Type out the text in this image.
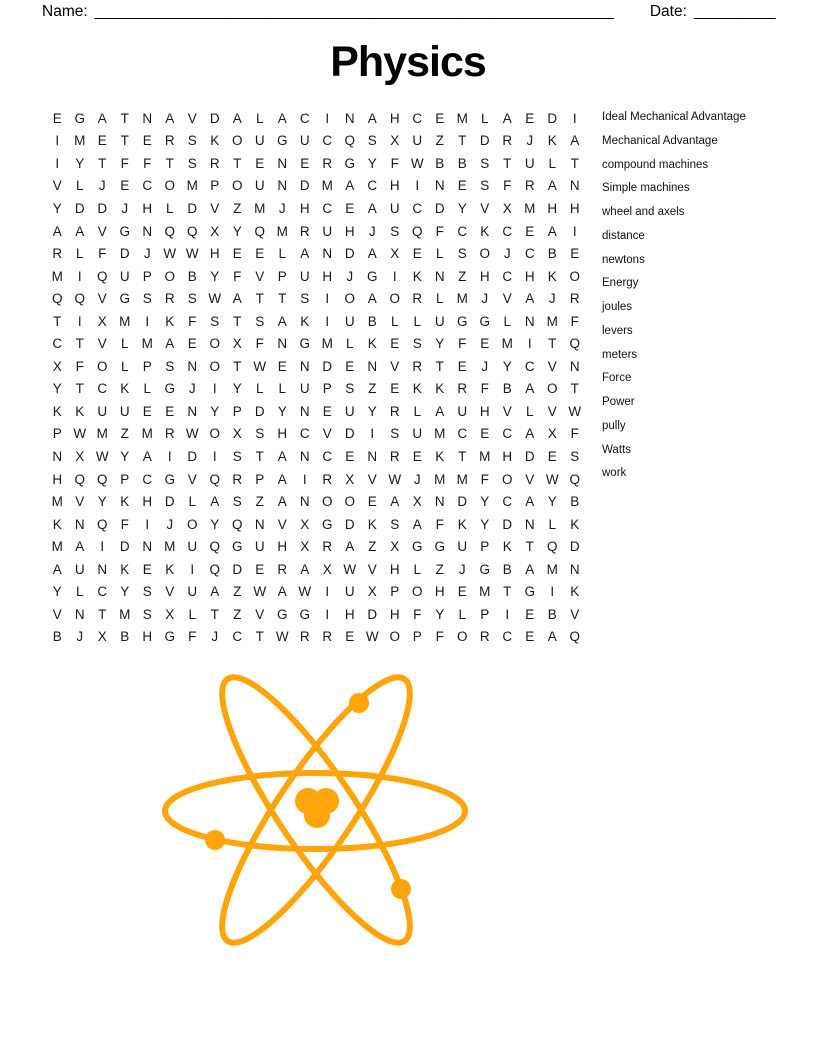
Name: _________________________________________________________ Date: _________
Physics
E G A	T	N A V D A	L	A C	I	N A H C E M L	A E D	I
I	M E	T	E R S K O U G U C Q S X U	Z	T	D R	J	K A
I	Y	T	F	F	T	S R	T	E N E R G Y	F W B B S	T	U	L	T
V	L	J	E C O M P O U N D M A C H	I	N E S	F	R A N
Y D D	J	H	L	D V	Z M	J	H C E A U C D Y V X M H H
A A V G N Q Q X Y Q M R U H	J	S Q F	C K C E A	I
R	L	F	D	J W W H E E	L	A N D A X E	L	S O	J	C B E
M	I	Q U P O B Y	F	V P U H	J	G	I	K N	Z	H C H K O
Q Q V G S R S W A	T	T	S	I	O A O R	L M	J	V A	J	R
T	I	X M	I	K	F	S	T	S A K	I	U B	L	L	U G G L	N M F
C	T	V	L M A E O X	F	N G M L	K E S Y	F	E M	I	T Q
X	F O L	P S N O T W E N D E N V R	T	E	J	Y C V N
Y	T	C K	L G	J	I	Y	L	L	U P S	Z	E K K R	F	B A O T
K K U U E E N Y P D Y N E U Y R	L	A U H V	L	V W
P W M Z M R W O X S H C V D	I	S U M C E C A X	F
N X W Y A	I	D	I	S	T	A N C E N R E K	T M H D E S
H Q Q P C G V Q R P A	I	R X V W J	M M F O V W Q
M V Y K H D	L	A S	Z	A N O O E A X N D Y C A Y B
K N Q F	I	J	O Y Q N V X G D K S A	F	K Y D N	L	K
M A	I	D N M U Q G U H X R A	Z	X G G U P K	T Q D
A U N K E K	I	Q D E R A X W V H	L	Z	J	G B A M N
Y	L	C Y S V U A	Z W A W	I	U X P O H E M T G	I	K
V N	T M S X	L	T	Z	V G G	I	H D H	F	Y	L	P	I	E B V
B	J	X B H G F	J	C	T W R R E W O P	F O R C E A Q
Ideal Mechanical Advantage
Mechanical Advantage
compound machines
Simple machines
wheel and axels
distance
newtons
Energy
joules
levers
meters
Force
Power
pully
Watts
work
